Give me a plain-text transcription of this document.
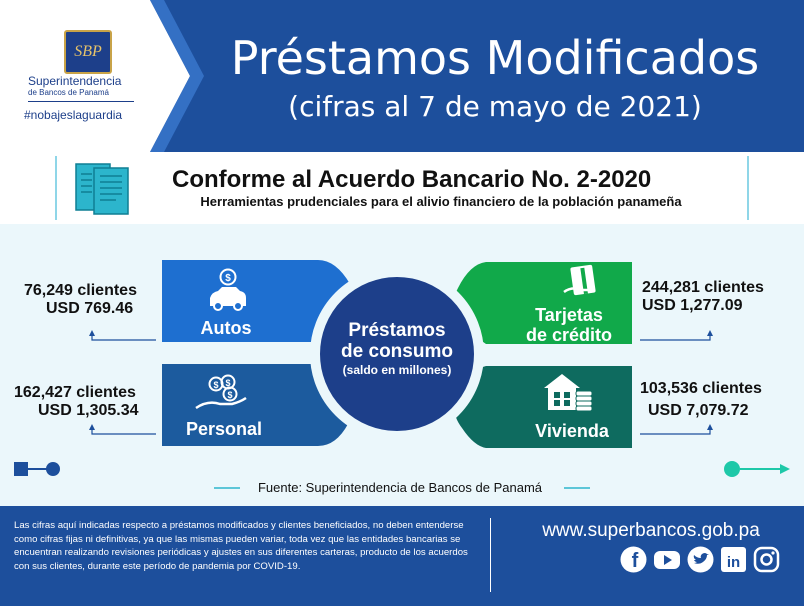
SBP
Superintendencia
de Bancos de Panamá
#nobajeslaguardia
Préstamos Modificados
(cifras al 7 de mayo de 2021)
Conforme al Acuerdo Bancario No. 2-2020
Herramientas prudenciales para el alivio financiero de la población panameña
$
$ $
$
Autos
Personal
Tarjetas
de crédito
Vivienda
Préstamos
de consumo
(saldo en millones)
76,249 clientes
USD 769.46
162,427 clientes
USD 1,305.34
244,281 clientes
USD 1,277.09
103,536 clientes
USD 7,079.72
Fuente: Superintendencia de Bancos de Panamá
Las cifras aquí indicadas respecto a préstamos modificados y clientes beneficiados, no deben entenderse como cifras fijas ni definitivas, ya que las mismas pueden variar, toda vez que las entidades bancarias se encuentran realizando revisiones periódicas y ajustes en sus diferentes carteras, producto de los acuerdos con sus clientes, durante este período de pandemia por COVID-19.
www.superbancos.gob.pa
f	in
